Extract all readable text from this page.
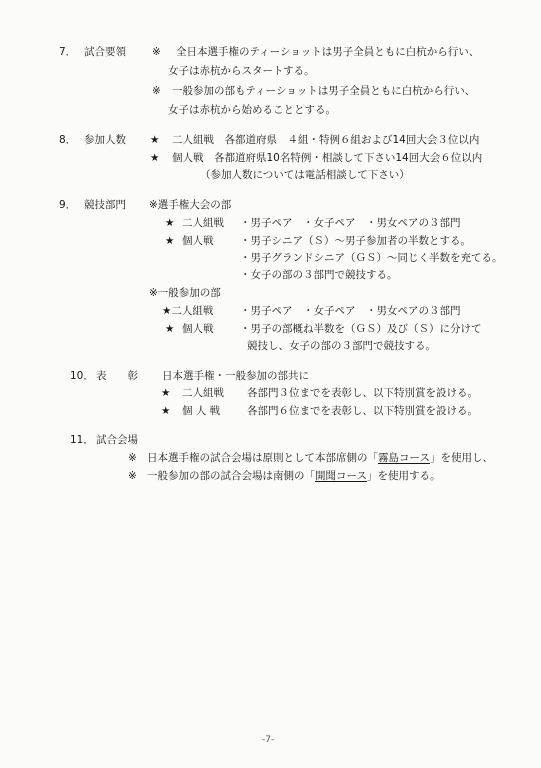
7． 試合要領 ※ 全日本選手権のティーショットは男子全員ともに白杭から行い、
女子は赤杭からスタートする。
※ 一般参加の部もティーショットは男子全員ともに白杭から行い、
女子は赤杭から始めることとする。
8． 参加人数 ★ 二人組戦　各都道府県　４組・特例６組および14回大会３位以内
★ 個人戦　各都道府県10名特例・相談して下さい14回大会６位以内
（参加人数については電話相談して下さい）
9． 競技部門 ※選手権大会の部
★ 二人組戦 ・男子ペア　・女子ペア　・男女ペアの３部門
★ 個人戦	・男子シニア（Ｓ）～男子参加者の半数とする。
・男子グランドシニア（ＧＳ）～同じく半数を充てる。
・女子の部の３部門で競技する。
※一般参加の部
★二人組戦	・男子ペア　・女子ペア　・男女ペアの３部門
★ 個人戦	・男子の部概ね半数を（ＧＳ）及び（Ｓ）に分けて
競技し、女子の部の３部門で競技する。
10． 表　　彰 日本選手権・一般参加の部共に
★ 二人組戦 各部門３位までを表彰し、以下特別賞を設ける。
★ 個 人 戦	各部門６位までを表彰し、以下特別賞を設ける。
11． 試合会場
※ 日本選手権の試合会場は原則として本部席側の「霧島コース」を使用し、
※ 一般参加の部の試合会場は南側の「開聞コース」を使用する。
-7-
